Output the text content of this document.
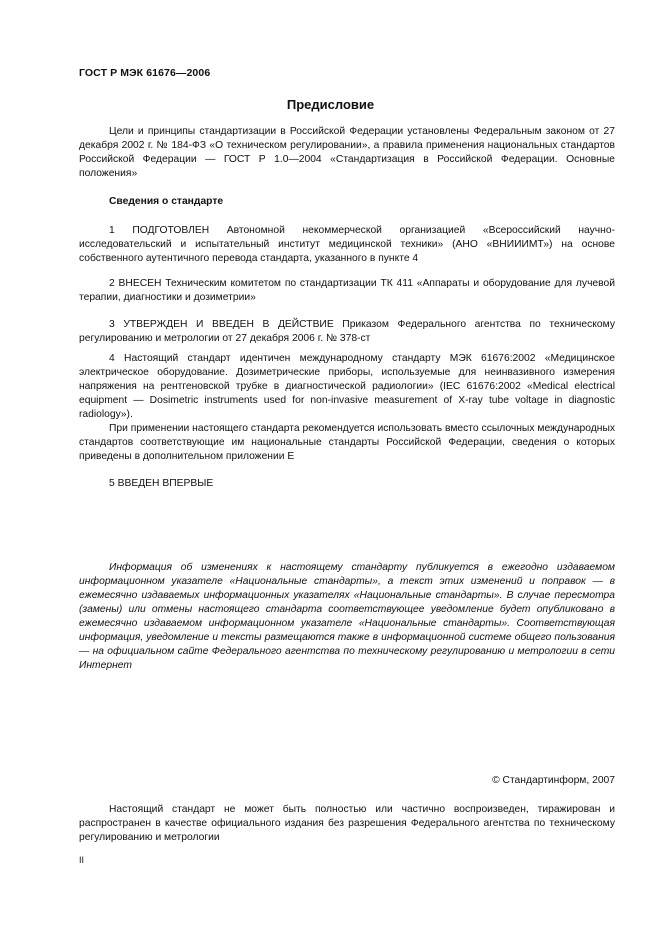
ГОСТ Р МЭК 61676—2006
Предисловие

Цели и принципы стандартизации в Российской Федерации установлены Федеральным законом от 27 декабря 2002 г. № 184-ФЗ «О техническом регулировании», а правила применения национальных стандартов Российской Федерации — ГОСТ Р 1.0—2004 «Стандартизация в Российской Федерации. Основные положения»

Сведения о стандарте

1 ПОДГОТОВЛЕН Автономной некоммерческой организацией «Всероссийский научно-исследовательский и испытательный институт медицинской техники» (АНО «ВНИИИМТ») на основе собственного аутентичного перевода стандарта, указанного в пункте 4

2 ВНЕСЕН Техническим комитетом по стандартизации ТК 411 «Аппараты и оборудование для лучевой терапии, диагностики и дозиметрии»

3 УТВЕРЖДЕН И ВВЕДЕН В ДЕЙСТВИЕ Приказом Федерального агентства по техническому регулированию и метрологии от 27 декабря 2006 г. № 378-ст

4 Настоящий стандарт идентичен международному стандарту МЭК 61676:2002 «Медицинское электрическое оборудование. Дозиметрические приборы, используемые для неинвазивного измерения напряжения на рентгеновской трубке в диагностической радиологии» (IEC 61676:2002 «Medical electrical equipment — Dosimetric instruments used for non-invasive measurement of X-ray tube voltage in diagnostic radiology»).

При применении настоящего стандарта рекомендуется использовать вместо ссылочных международных стандартов соответствующие им национальные стандарты Российской Федерации, сведения о которых приведены в дополнительном приложении Е

5 ВВЕДЕН ВПЕРВЫЕ

Информация об изменениях к настоящему стандарту публикуется в ежегодно издаваемом информационном указателе «Национальные стандарты», а текст этих изменений и поправок — в ежемесячно издаваемых информационных указателях «Национальные стандарты». В случае пересмотра (замены) или отмены настоящего стандарта соответствующее уведомление будет опубликовано в ежемесячно издаваемом информационном указателе «Национальные стандарты». Соответствующая информация, уведомление и тексты размещаются также в информационной системе общего пользования — на официальном сайте Федерального агентства по техническому регулированию и метрологии в сети Интернет

© Стандартинформ, 2007

Настоящий стандарт не может быть полностью или частично воспроизведен, тиражирован и распространен в качестве официального издания без разрешения Федерального агентства по техническому регулированию и метрологии

II
